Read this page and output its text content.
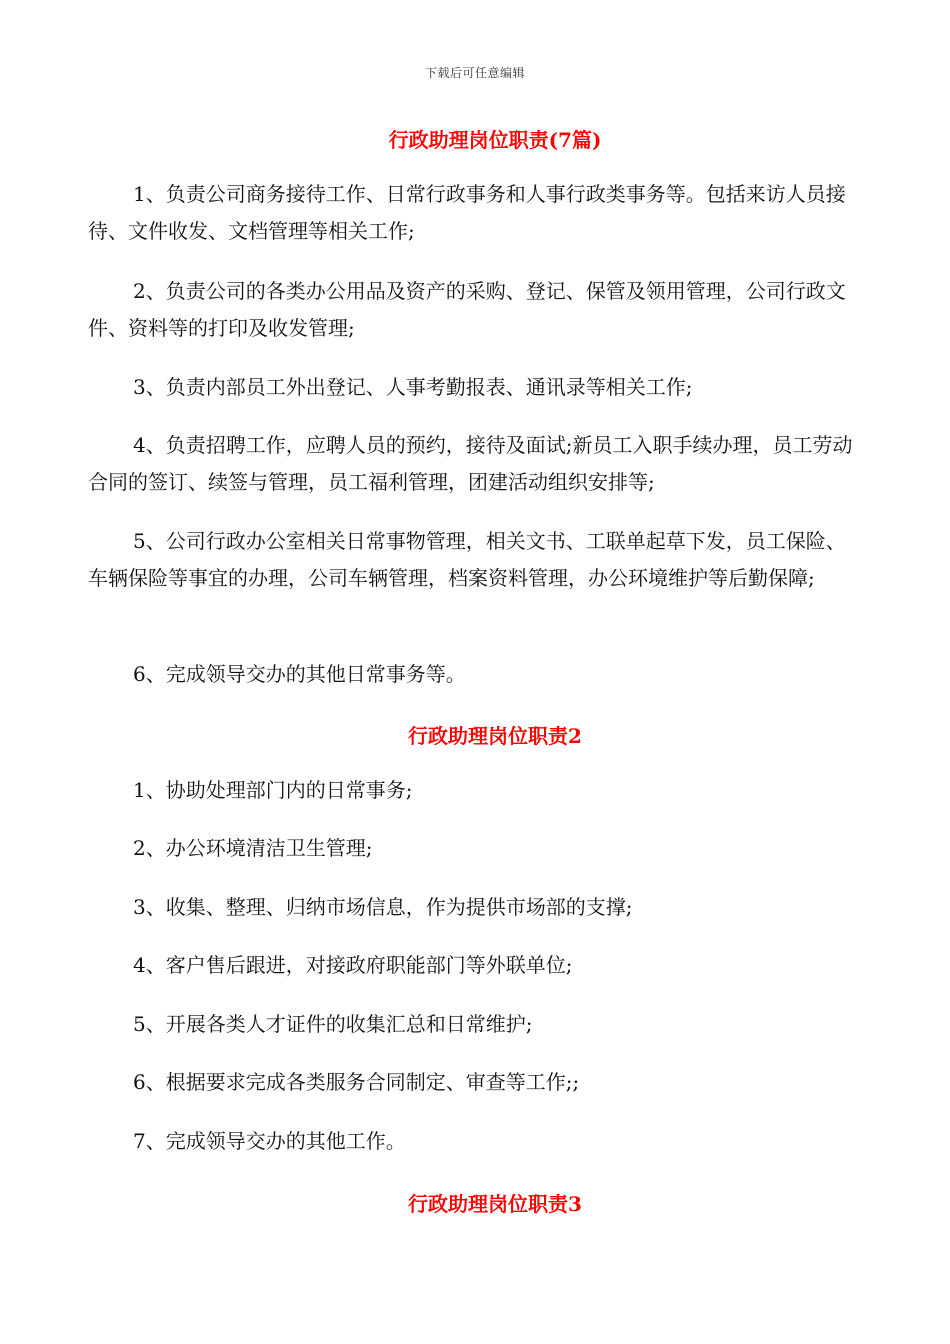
下载后可任意编辑
行政助理岗位职责(7篇)
1、负责公司商务接待工作、日常行政事务和人事行政类事务等。包括来访人员接待、文件收发、文档管理等相关工作;
2、负责公司的各类办公用品及资产的采购、登记、保管及领用管理，公司行政文件、资料等的打印及收发管理;
3、负责内部员工外出登记、人事考勤报表、通讯录等相关工作;
4、负责招聘工作，应聘人员的预约，接待及面试;新员工入职手续办理，员工劳动合同的签订、续签与管理，员工福利管理，团建活动组织安排等;
5、公司行政办公室相关日常事物管理，相关文书、工联单起草下发，员工保险、车辆保险等事宜的办理，公司车辆管理，档案资料管理，办公环境维护等后勤保障;
6、完成领导交办的其他日常事务等。
行政助理岗位职责2
1、协助处理部门内的日常事务;
2、办公环境清洁卫生管理;
3、收集、整理、归纳市场信息，作为提供市场部的支撑;
4、客户售后跟进，对接政府职能部门等外联单位;
5、开展各类人才证件的收集汇总和日常维护;
6、根据要求完成各类服务合同制定、审查等工作;;
7、完成领导交办的其他工作。
行政助理岗位职责3
